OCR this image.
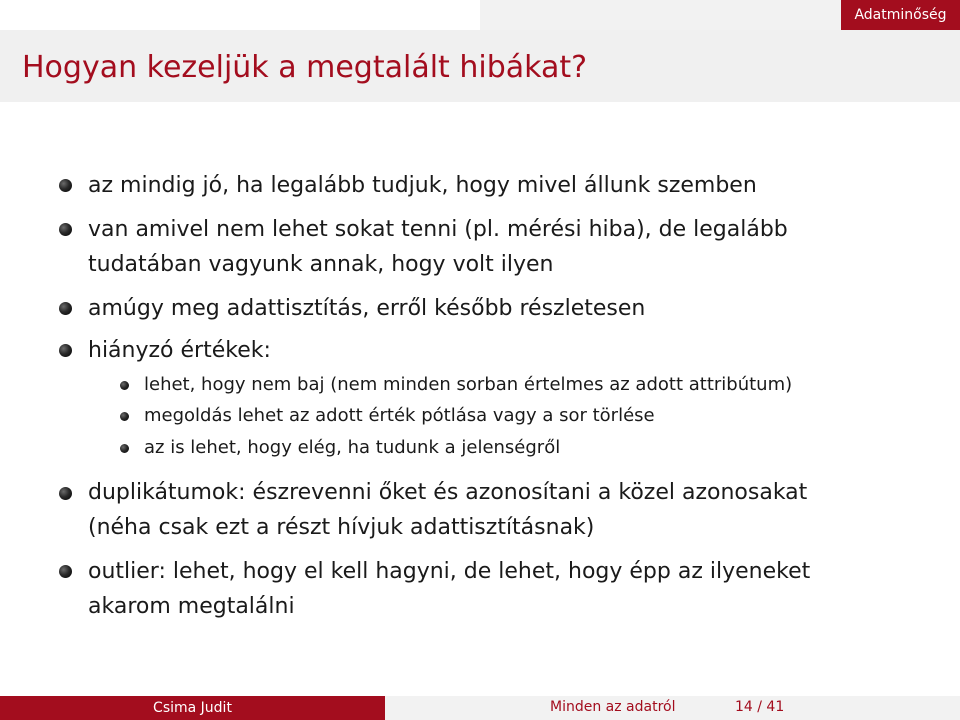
Adatminőség
Hogyan kezeljük a megtalált hibákat?
az mindig jó, ha legalább tudjuk, hogy mivel állunk szemben
van amivel nem lehet sokat tenni (pl. mérési hiba), de legalább
tudatában vagyunk annak, hogy volt ilyen
amúgy meg adattisztítás, erről később részletesen
hiányzó értékek:
lehet, hogy nem baj (nem minden sorban értelmes az adott attribútum)
megoldás lehet az adott érték pótlása vagy a sor törlése
az is lehet, hogy elég, ha tudunk a jelenségről
duplikátumok: észrevenni őket és azonosítani a közel azonosakat
(néha csak ezt a részt hívjuk adattisztításnak)
outlier: lehet, hogy el kell hagyni, de lehet, hogy épp az ilyeneket
akarom megtalálni
Csima Judit	Minden az adatról	14 / 41
